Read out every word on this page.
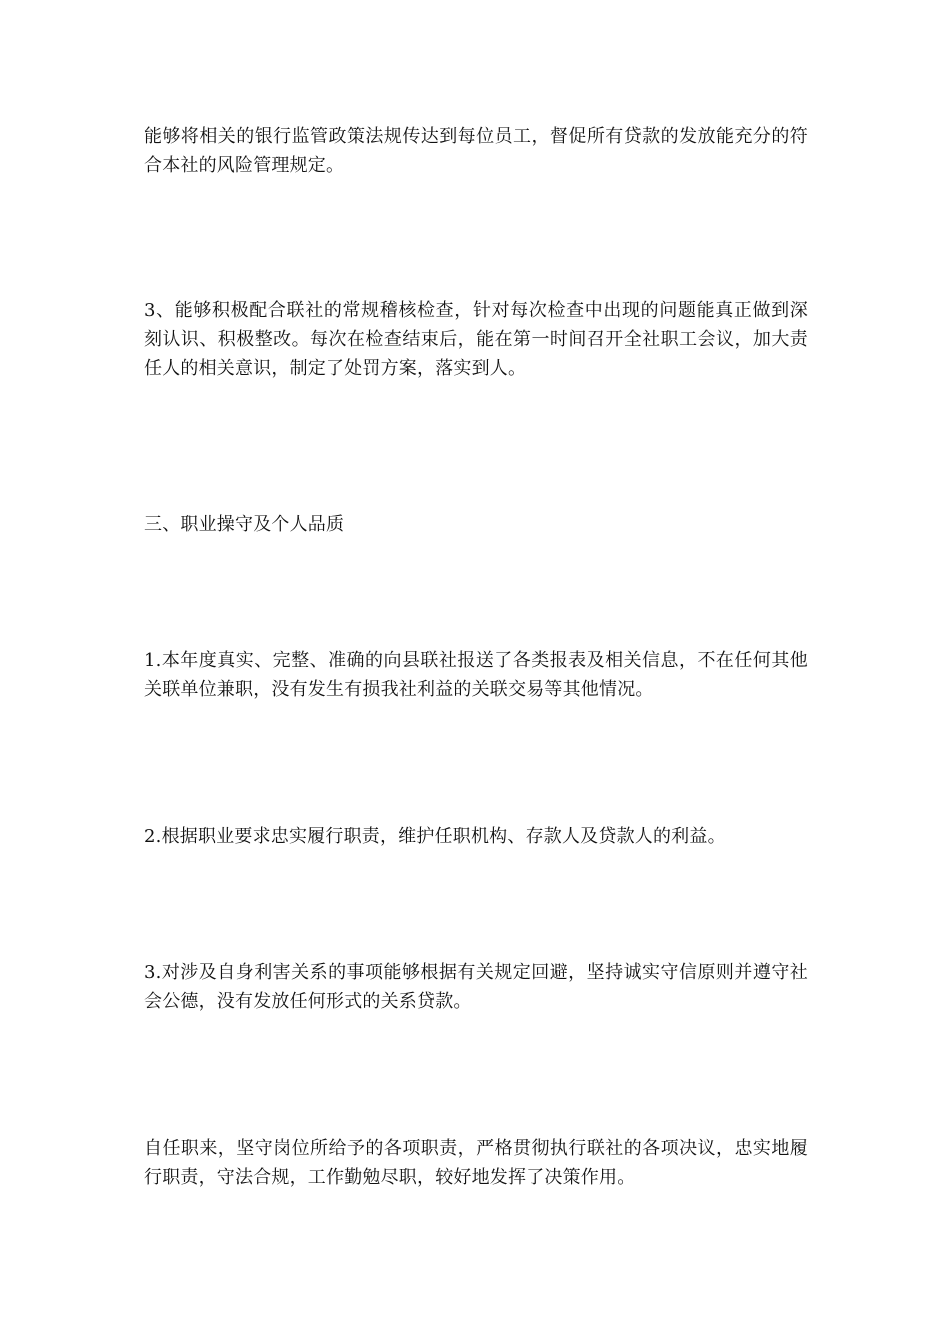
能够将相关的银行监管政策法规传达到每位员工，督促所有贷款的发放能充分的符合本社的风险管理规定。

3、能够积极配合联社的常规稽核检查，针对每次检查中出现的问题能真正做到深刻认识、积极整改。每次在检查结束后，能在第一时间召开全社职工会议，加大责任人的相关意识，制定了处罚方案，落实到人。

三、职业操守及个人品质

1.本年度真实、完整、准确的向县联社报送了各类报表及相关信息，不在任何其他关联单位兼职，没有发生有损我社利益的关联交易等其他情况。

2.根据职业要求忠实履行职责，维护任职机构、存款人及贷款人的利益。

3.对涉及自身利害关系的事项能够根据有关规定回避，坚持诚实守信原则并遵守社会公德，没有发放任何形式的关系贷款。

自任职来，坚守岗位所给予的各项职责，严格贯彻执行联社的各项决议，忠实地履行职责，守法合规，工作勤勉尽职，较好地发挥了决策作用。
